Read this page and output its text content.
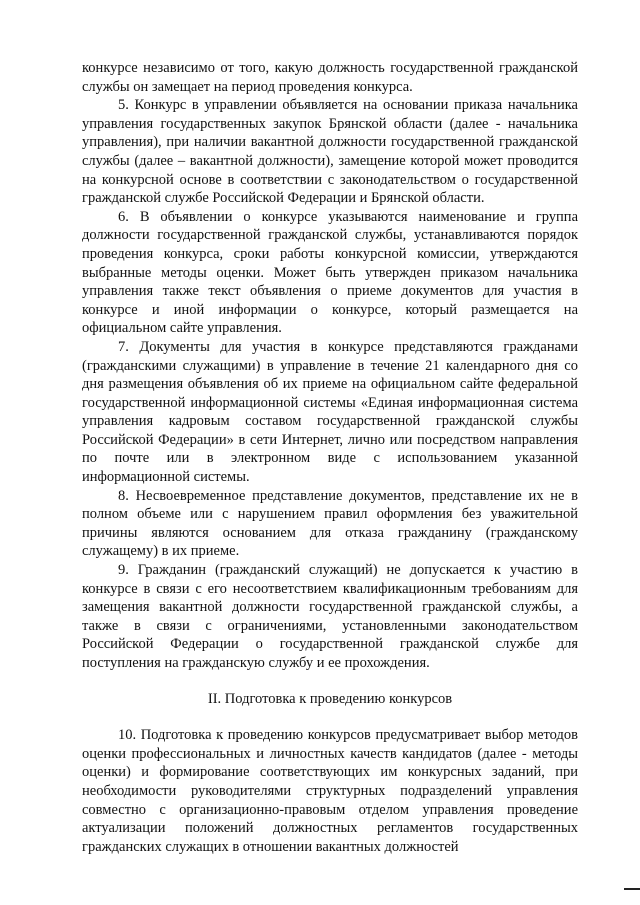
конкурсе независимо от того, какую должность государственной гражданской службы он замещает на период проведения конкурса.

5. Конкурс в управлении объявляется на основании приказа начальника управления государственных закупок Брянской области (далее - начальника управления), при наличии вакантной должности государственной гражданской службы (далее – вакантной должности), замещение которой может проводится на конкурсной основе в соответствии с законодательством о государственной гражданской службе Российской Федерации и Брянской области.

6. В объявлении о конкурсе указываются наименование и группа должности государственной гражданской службы, устанавливаются порядок проведения конкурса, сроки работы конкурсной комиссии, утверждаются выбранные методы оценки. Может быть утвержден приказом начальника управления также текст объявления о приеме документов для участия в конкурсе и иной информации о конкурсе, который размещается на официальном сайте управления.

7. Документы для участия в конкурсе представляются гражданами (гражданскими служащими) в управление в течение 21 календарного дня со дня размещения объявления об их приеме на официальном сайте федеральной государственной информационной системы «Единая информационная система управления кадровым составом государственной гражданской службы Российской Федерации» в сети Интернет, лично или посредством направления по почте или в электронном виде с использованием указанной информационной системы.

8. Несвоевременное представление документов, представление их не в полном объеме или с нарушением правил оформления без уважительной причины являются основанием для отказа гражданину (гражданскому служащему) в их приеме.

9. Гражданин (гражданский служащий) не допускается к участию в конкурсе в связи с его несоответствием квалификационным требованиям для замещения вакантной должности государственной гражданской службы, а также в связи с ограничениями, установленными законодательством Российской Федерации о государственной гражданской службе для поступления на гражданскую службу и ее прохождения.

II. Подготовка к проведению конкурсов

10. Подготовка к проведению конкурсов предусматривает выбор методов оценки профессиональных и личностных качеств кандидатов (далее - методы оценки) и формирование соответствующих им конкурсных заданий, при необходимости руководителями структурных подразделений управления совместно с организационно-правовым отделом управления проведение актуализации положений должностных регламентов государственных гражданских служащих в отношении вакантных должностей
